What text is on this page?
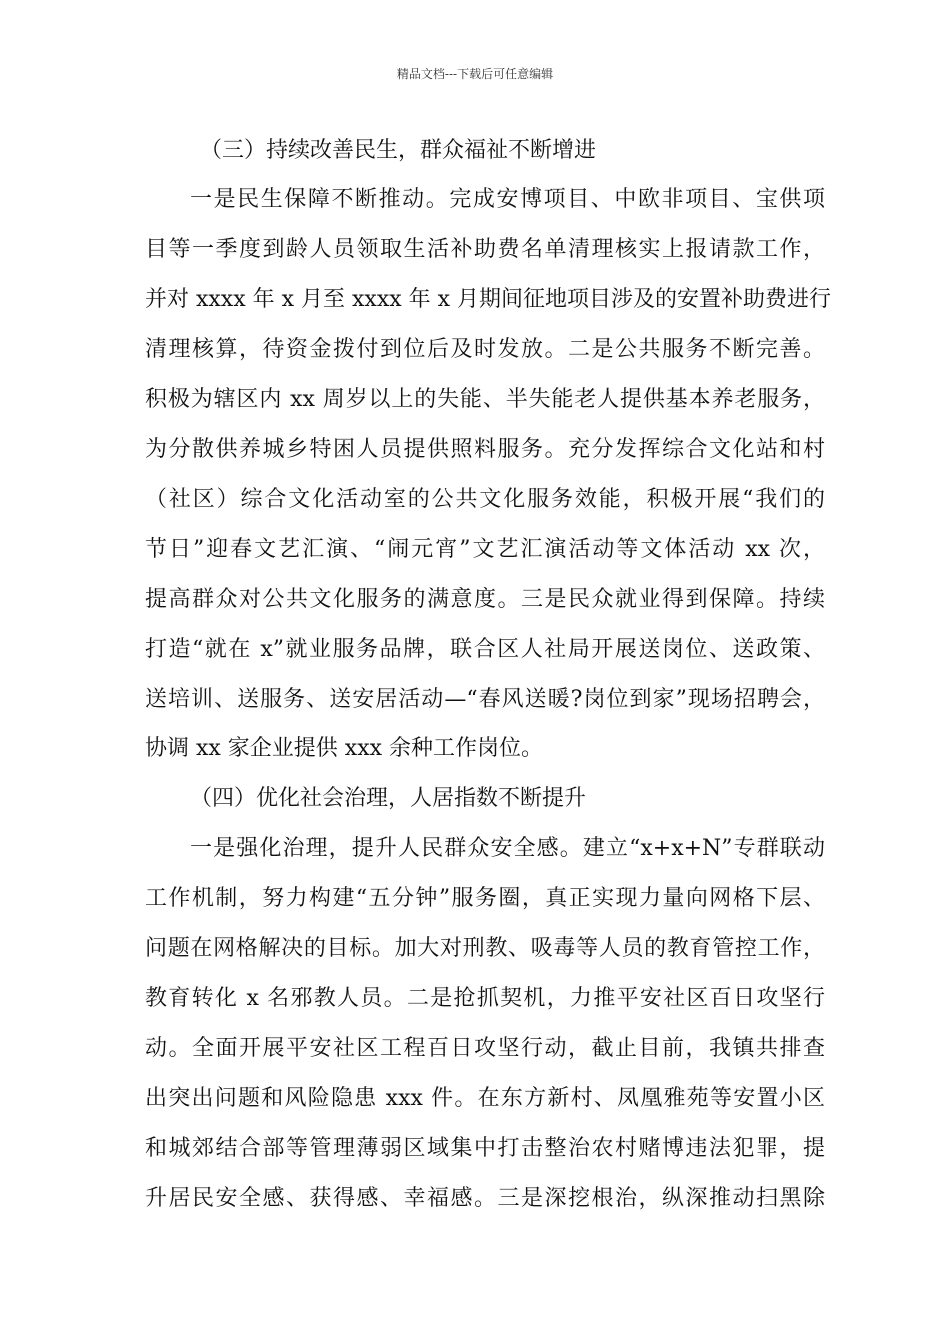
精品文档---下载后可任意编辑
（三）持续改善民生，群众福祉不断增进
一是民生保障不断推动。完成安博项目、中欧非项目、宝供项
目等一季度到龄人员领取生活补助费名单清理核实上报请款工作，
并对 xxxx 年 x 月至 xxxx 年 x 月期间征地项目涉及的安置补助费进行
清理核算，待资金拨付到位后及时发放。二是公共服务不断完善。
积极为辖区内 xx 周岁以上的失能、半失能老人提供基本养老服务，
为分散供养城乡特困人员提供照料服务。充分发挥综合文化站和村
（社区）综合文化活动室的公共文化服务效能，积极开展“我们的
节日”迎春文艺汇演、“闹元宵”文艺汇演活动等文体活动 xx 次，
提高群众对公共文化服务的满意度。三是民众就业得到保障。持续
打造“就在 x”就业服务品牌，联合区人社局开展送岗位、送政策、
送培训、送服务、送安居活动—“春风送暖?岗位到家”现场招聘会，
协调 xx 家企业提供 xxx 余种工作岗位。
（四）优化社会治理，人居指数不断提升
一是强化治理，提升人民群众安全感。建立“x+x+N”专群联动
工作机制，努力构建“五分钟”服务圈，真正实现力量向网格下层、
问题在网格解决的目标。加大对刑教、吸毒等人员的教育管控工作，
教育转化 x 名邪教人员。二是抢抓契机，力推平安社区百日攻坚行
动。全面开展平安社区工程百日攻坚行动，截止目前，我镇共排查
出突出问题和风险隐患 xxx 件。在东方新村、凤凰雅苑等安置小区
和城郊结合部等管理薄弱区域集中打击整治农村赌博违法犯罪，提
升居民安全感、获得感、幸福感。三是深挖根治，纵深推动扫黑除
